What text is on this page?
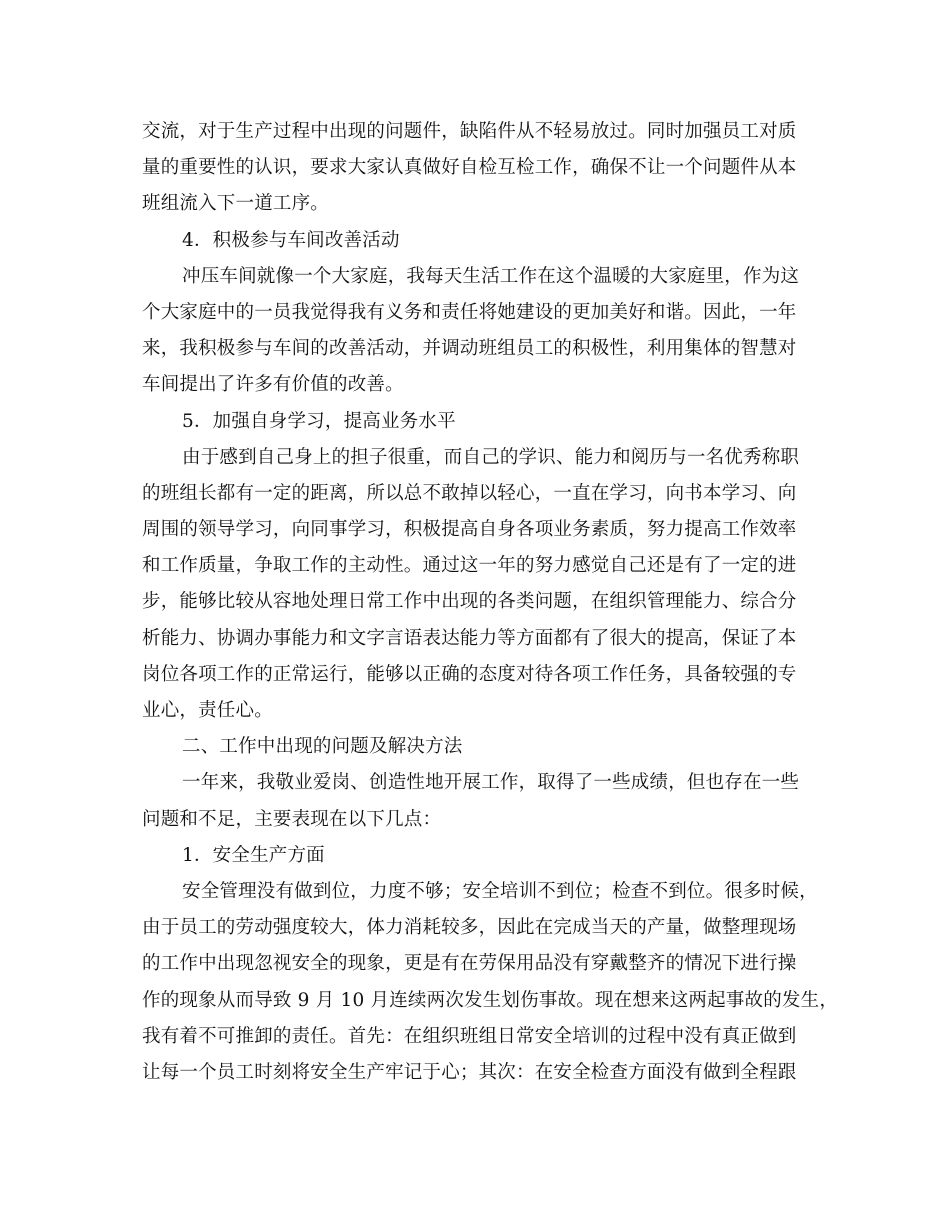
交流，对于生产过程中出现的问题件，缺陷件从不轻易放过。同时加强员工对质
量的重要性的认识，要求大家认真做好自检互检工作，确保不让一个问题件从本
班组流入下一道工序。
4．积极参与车间改善活动
冲压车间就像一个大家庭，我每天生活工作在这个温暖的大家庭里，作为这
个大家庭中的一员我觉得我有义务和责任将她建设的更加美好和谐。因此，一年
来，我积极参与车间的改善活动，并调动班组员工的积极性，利用集体的智慧对
车间提出了许多有价值的改善。
5．加强自身学习，提高业务水平
由于感到自己身上的担子很重，而自己的学识、能力和阅历与一名优秀称职
的班组长都有一定的距离，所以总不敢掉以轻心，一直在学习，向书本学习、向
周围的领导学习，向同事学习，积极提高自身各项业务素质，努力提高工作效率
和工作质量，争取工作的主动性。通过这一年的努力感觉自己还是有了一定的进
步，能够比较从容地处理日常工作中出现的各类问题，在组织管理能力、综合分
析能力、协调办事能力和文字言语表达能力等方面都有了很大的提高，保证了本
岗位各项工作的正常运行，能够以正确的态度对待各项工作任务，具备较强的专
业心，责任心。
二、工作中出现的问题及解决方法
一年来，我敬业爱岗、创造性地开展工作，取得了一些成绩，但也存在一些
问题和不足，主要表现在以下几点：
1．安全生产方面
安全管理没有做到位，力度不够；安全培训不到位；检查不到位。很多时候，
由于员工的劳动强度较大，体力消耗较多，因此在完成当天的产量，做整理现场
的工作中出现忽视安全的现象，更是有在劳保用品没有穿戴整齐的情况下进行操
作的现象从而导致 9 月 10 月连续两次发生划伤事故。现在想来这两起事故的发生，
我有着不可推卸的责任。首先：在组织班组日常安全培训的过程中没有真正做到
让每一个员工时刻将安全生产牢记于心；其次：在安全检查方面没有做到全程跟
